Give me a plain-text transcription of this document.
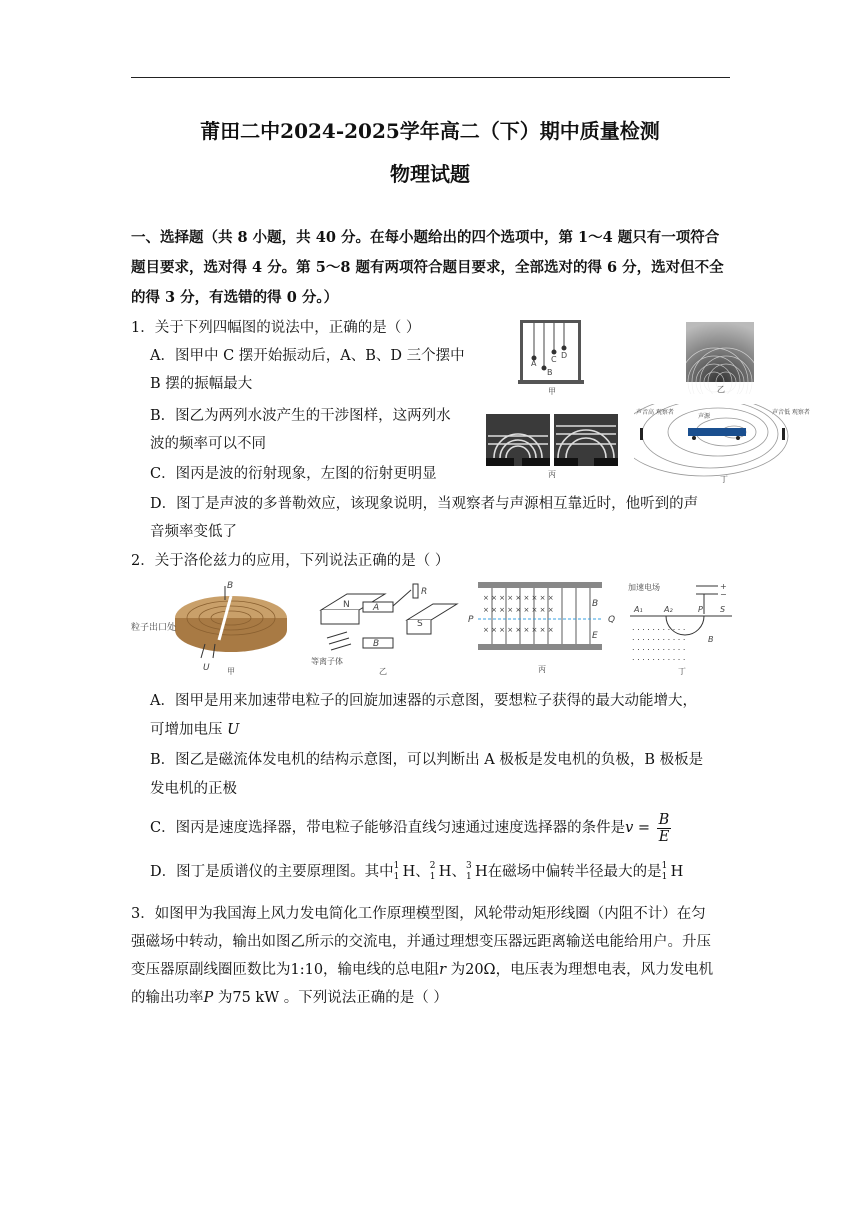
莆田二中2024-2025学年高二（下）期中质量检测
物理试题
一、选择题（共 8 小题，共 40 分。在每小题给出的四个选项中，第 1～4 题只有一项符合
题目要求，选对得 4 分。第 5～8 题有两项符合题目要求，全部选对的得 6 分，选对但不全
的得 3 分，有选错的得 0 分。）
1．关于下列四幅图的说法中，正确的是（ ）
A．图甲中 C 摆开始振动后，A、B、D 三个摆中
B 摆的振幅最大
B．图乙为两列水波产生的干涉图样，这两列水
波的频率可以不同
C．图丙是波的衍射现象，左图的衍射更明显
D．图丁是声波的多普勒效应，该现象说明，当观察者与声源相互靠近时，他听到的声
音频率变低了
A C
B
D
甲	乙
丙
声音高 观察者
声源
声音低 观察者
丁
2．关于洛伦兹力的应用，下列说法正确的是（ ）
B
粒子出口处
U 甲
N
S
A
B
R
等离子体
乙
× × × × × × × × ×
× × × × × × × × ×
× × × × × × × × ×
P	Q
B
E
丙
加速电场	+
−
A₁	A₂	P S
B
. . . . . . . . . . .
. . . . . . . . . . .
. . . . . . . . . . .
. . . . . . . . . . .
丁
A．图甲是用来加速带电粒子的回旋加速器的示意图，要想粒子获得的最大动能增大，
可增加电压 U
B．图乙是磁流体发电机的结构示意图，可以判断出 A 极板是发电机的负极，B 极板是
发电机的正极
C．图丙是速度选择器，带电粒子能够沿直线匀速通过速度选择器的条件是$v = \frac{B}{E}$
D．图丁是质谱仪的主要原理图。其中 1
1 H、 2
1 H、 3
1 H在磁场中偏转半径最大的是 1
1 H
3．如图甲为我国海上风力发电简化工作原理模型图，风轮带动矩形线圈（内阻不计）在匀
强磁场中转动，输出如图乙所示的交流电，并通过理想变压器远距离输送电能给用户。升压
变压器原副线圈匝数比为1:10，输电线的总电阻r 为20Ω，电压表为理想电表，风力发电机
的输出功率P 为75 kW 。下列说法正确的是（ ）
